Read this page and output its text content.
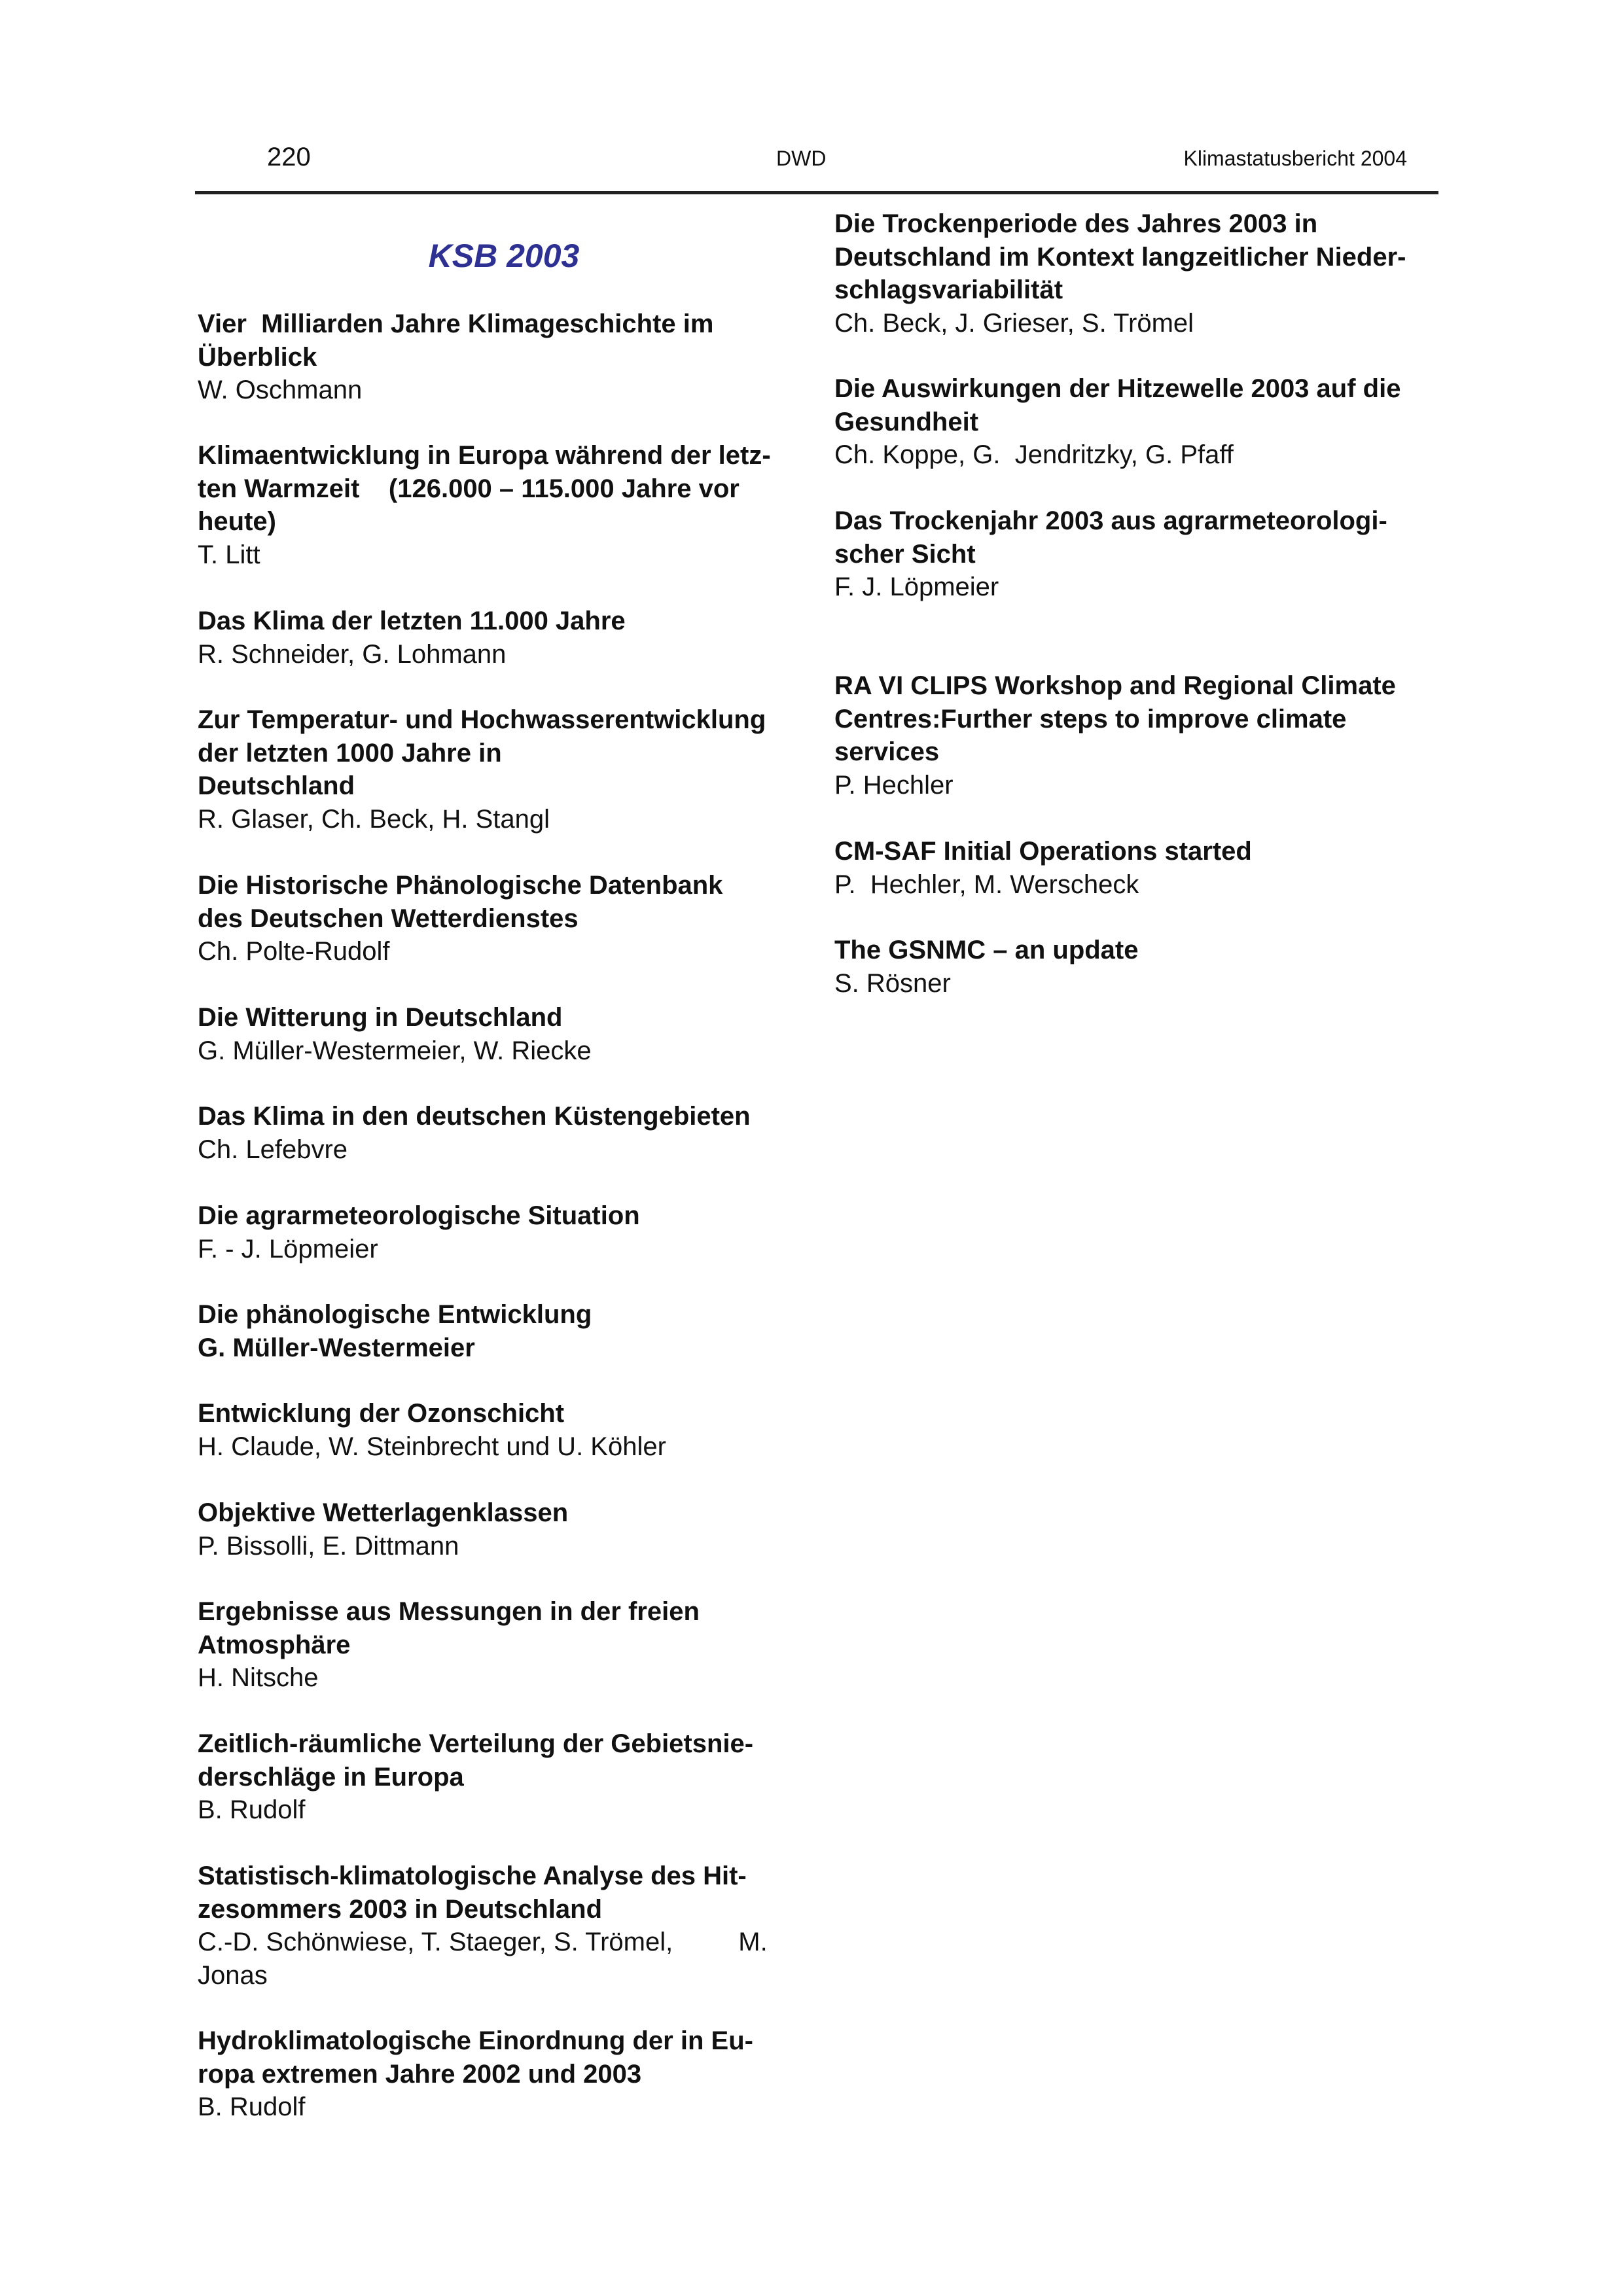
220	DWD	Klimastatusbericht 2004
KSB 2003
Vier  Milliarden Jahre Klimageschichte im
Überblick
W. Oschmann
Klimaentwicklung in Europa während der letz-
ten Warmzeit    (126.000 – 115.000 Jahre vor
heute)
T. Litt
Das Klima der letzten 11.000 Jahre
R. Schneider, G. Lohmann
Zur Temperatur- und Hochwasserentwicklung
der letzten 1000 Jahre in
Deutschland
R. Glaser, Ch. Beck, H. Stangl
Die Historische Phänologische Datenbank
des Deutschen Wetterdienstes
Ch. Polte-Rudolf
Die Witterung in Deutschland
G. Müller-Westermeier, W. Riecke
Das Klima in den deutschen Küstengebieten
Ch. Lefebvre
Die agrarmeteorologische Situation
F. - J. Löpmeier
Die phänologische Entwicklung
G. Müller-Westermeier
Entwicklung der Ozonschicht
H. Claude, W. Steinbrecht und U. Köhler
Objektive Wetterlagenklassen
P. Bissolli, E. Dittmann
Ergebnisse aus Messungen in der freien
Atmosphäre
H. Nitsche
Zeitlich-räumliche Verteilung der Gebietsnie-
derschläge in Europa
B. Rudolf
Statistisch-klimatologische Analyse des Hit-
zesommers 2003 in Deutschland
C.-D. Schönwiese, T. Staeger, S. Trömel,         M.
Jonas
Hydroklimatologische Einordnung der in Eu-
ropa extremen Jahre 2002 und 2003
B. Rudolf
Die Trockenperiode des Jahres 2003 in
Deutschland im Kontext langzeitlicher Nieder-
schlagsvariabilität
Ch. Beck, J. Grieser, S. Trömel
Die Auswirkungen der Hitzewelle 2003 auf die
Gesundheit
Ch. Koppe, G.  Jendritzky, G. Pfaff
Das Trockenjahr 2003 aus agrarmeteorologi-
scher Sicht
F. J. Löpmeier
RA VI CLIPS Workshop and Regional Climate
Centres:Further steps to improve climate
services
P. Hechler
CM-SAF Initial Operations started
P.  Hechler, M. Werscheck
The GSNMC – an update
S. Rösner
